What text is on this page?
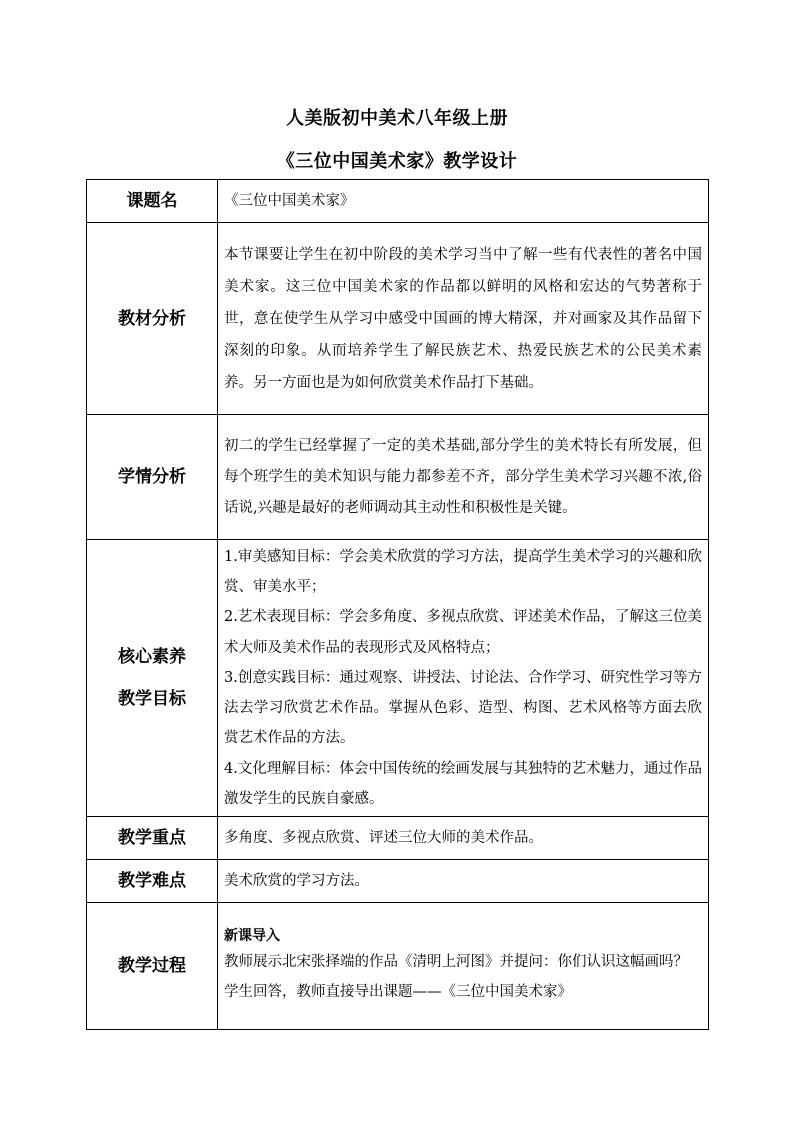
人美版初中美术八年级上册
《三位中国美术家》教学设计
课题名	《三位中国美术家》

教材分析	本节课要让学生在初中阶段的美术学习当中了解一些有代表性的著名中国美术家。这三位中国美术家的作品都以鲜明的风格和宏达的气势著称于世，意在使学生从学习中感受中国画的博大精深，并对画家及其作品留下深刻的印象。从而培养学生了解民族艺术、热爱民族艺术的公民美术素养。另一方面也是为如何欣赏美术作品打下基础。

学情分析	初二的学生已经掌握了一定的美术基础,部分学生的美术特长有所发展，但每个班学生的美术知识与能力都参差不齐，部分学生美术学习兴趣不浓,俗话说,兴趣是最好的老师调动其主动性和积极性是关键。

核心素养
教学目标	1.审美感知目标：学会美术欣赏的学习方法，提高学生美术学习的兴趣和欣赏、审美水平；
2.艺术表现目标：学会多角度、多视点欣赏、评述美术作品，了解这三位美术大师及美术作品的表现形式及风格特点；
3.创意实践目标：通过观察、讲授法、讨论法、合作学习、研究性学习等方法去学习欣赏艺术作品。掌握从色彩、造型、构图、艺术风格等方面去欣赏艺术作品的方法。
4.文化理解目标：体会中国传统的绘画发展与其独特的艺术魅力，通过作品激发学生的民族自豪感。

教学重点	多角度、多视点欣赏、评述三位大师的美术作品。

教学难点	美术欣赏的学习方法。

教学过程	新课导入
教师展示北宋张择端的作品《清明上河图》并提问：你们认识这幅画吗？
学生回答，教师直接导出课题——《三位中国美术家》
